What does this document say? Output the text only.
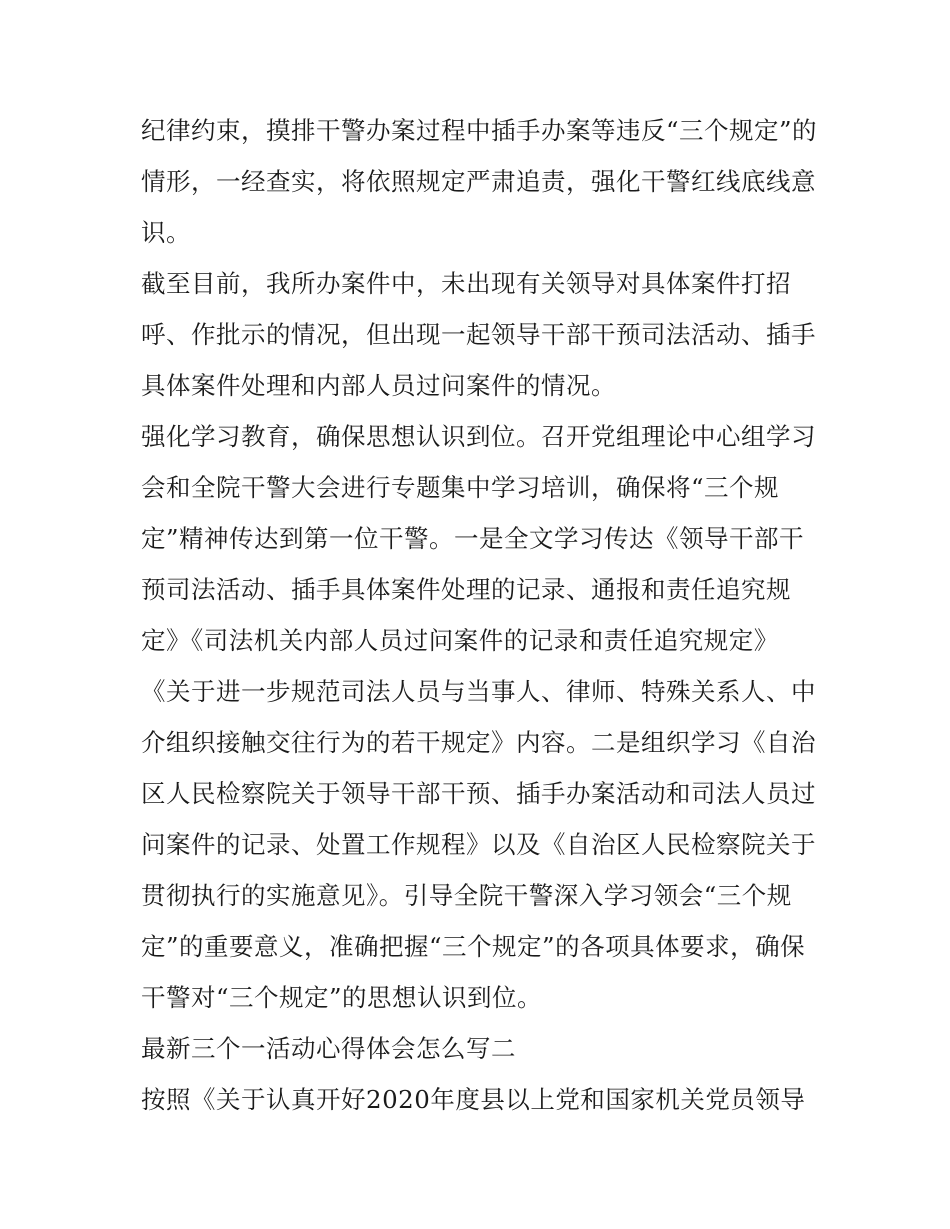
纪律约束，摸排干警办案过程中插手办案等违反“三个规定”的
情形，一经查实，将依照规定严肃追责，强化干警红线底线意
识。
截至目前，我所办案件中，未出现有关领导对具体案件打招
呼、作批示的情况，但出现一起领导干部干预司法活动、插手
具体案件处理和内部人员过问案件的情况。
强化学习教育，确保思想认识到位。召开党组理论中心组学习
会和全院干警大会进行专题集中学习培训，确保将“三个规
定”精神传达到第一位干警。一是全文学习传达《领导干部干
预司法活动、插手具体案件处理的记录、通报和责任追究规
定》《司法机关内部人员过问案件的记录和责任追究规定》
《关于进一步规范司法人员与当事人、律师、特殊关系人、中
介组织接触交往行为的若干规定》内容。二是组织学习《自治
区人民检察院关于领导干部干预、插手办案活动和司法人员过
问案件的记录、处置工作规程》以及《自治区人民检察院关于
贯彻执行的实施意见》。引导全院干警深入学习领会“三个规
定”的重要意义，准确把握“三个规定”的各项具体要求，确保
干警对“三个规定”的思想认识到位。
最新三个一活动心得体会怎么写二
按照《关于认真开好2020年度县以上党和国家机关党员领导
